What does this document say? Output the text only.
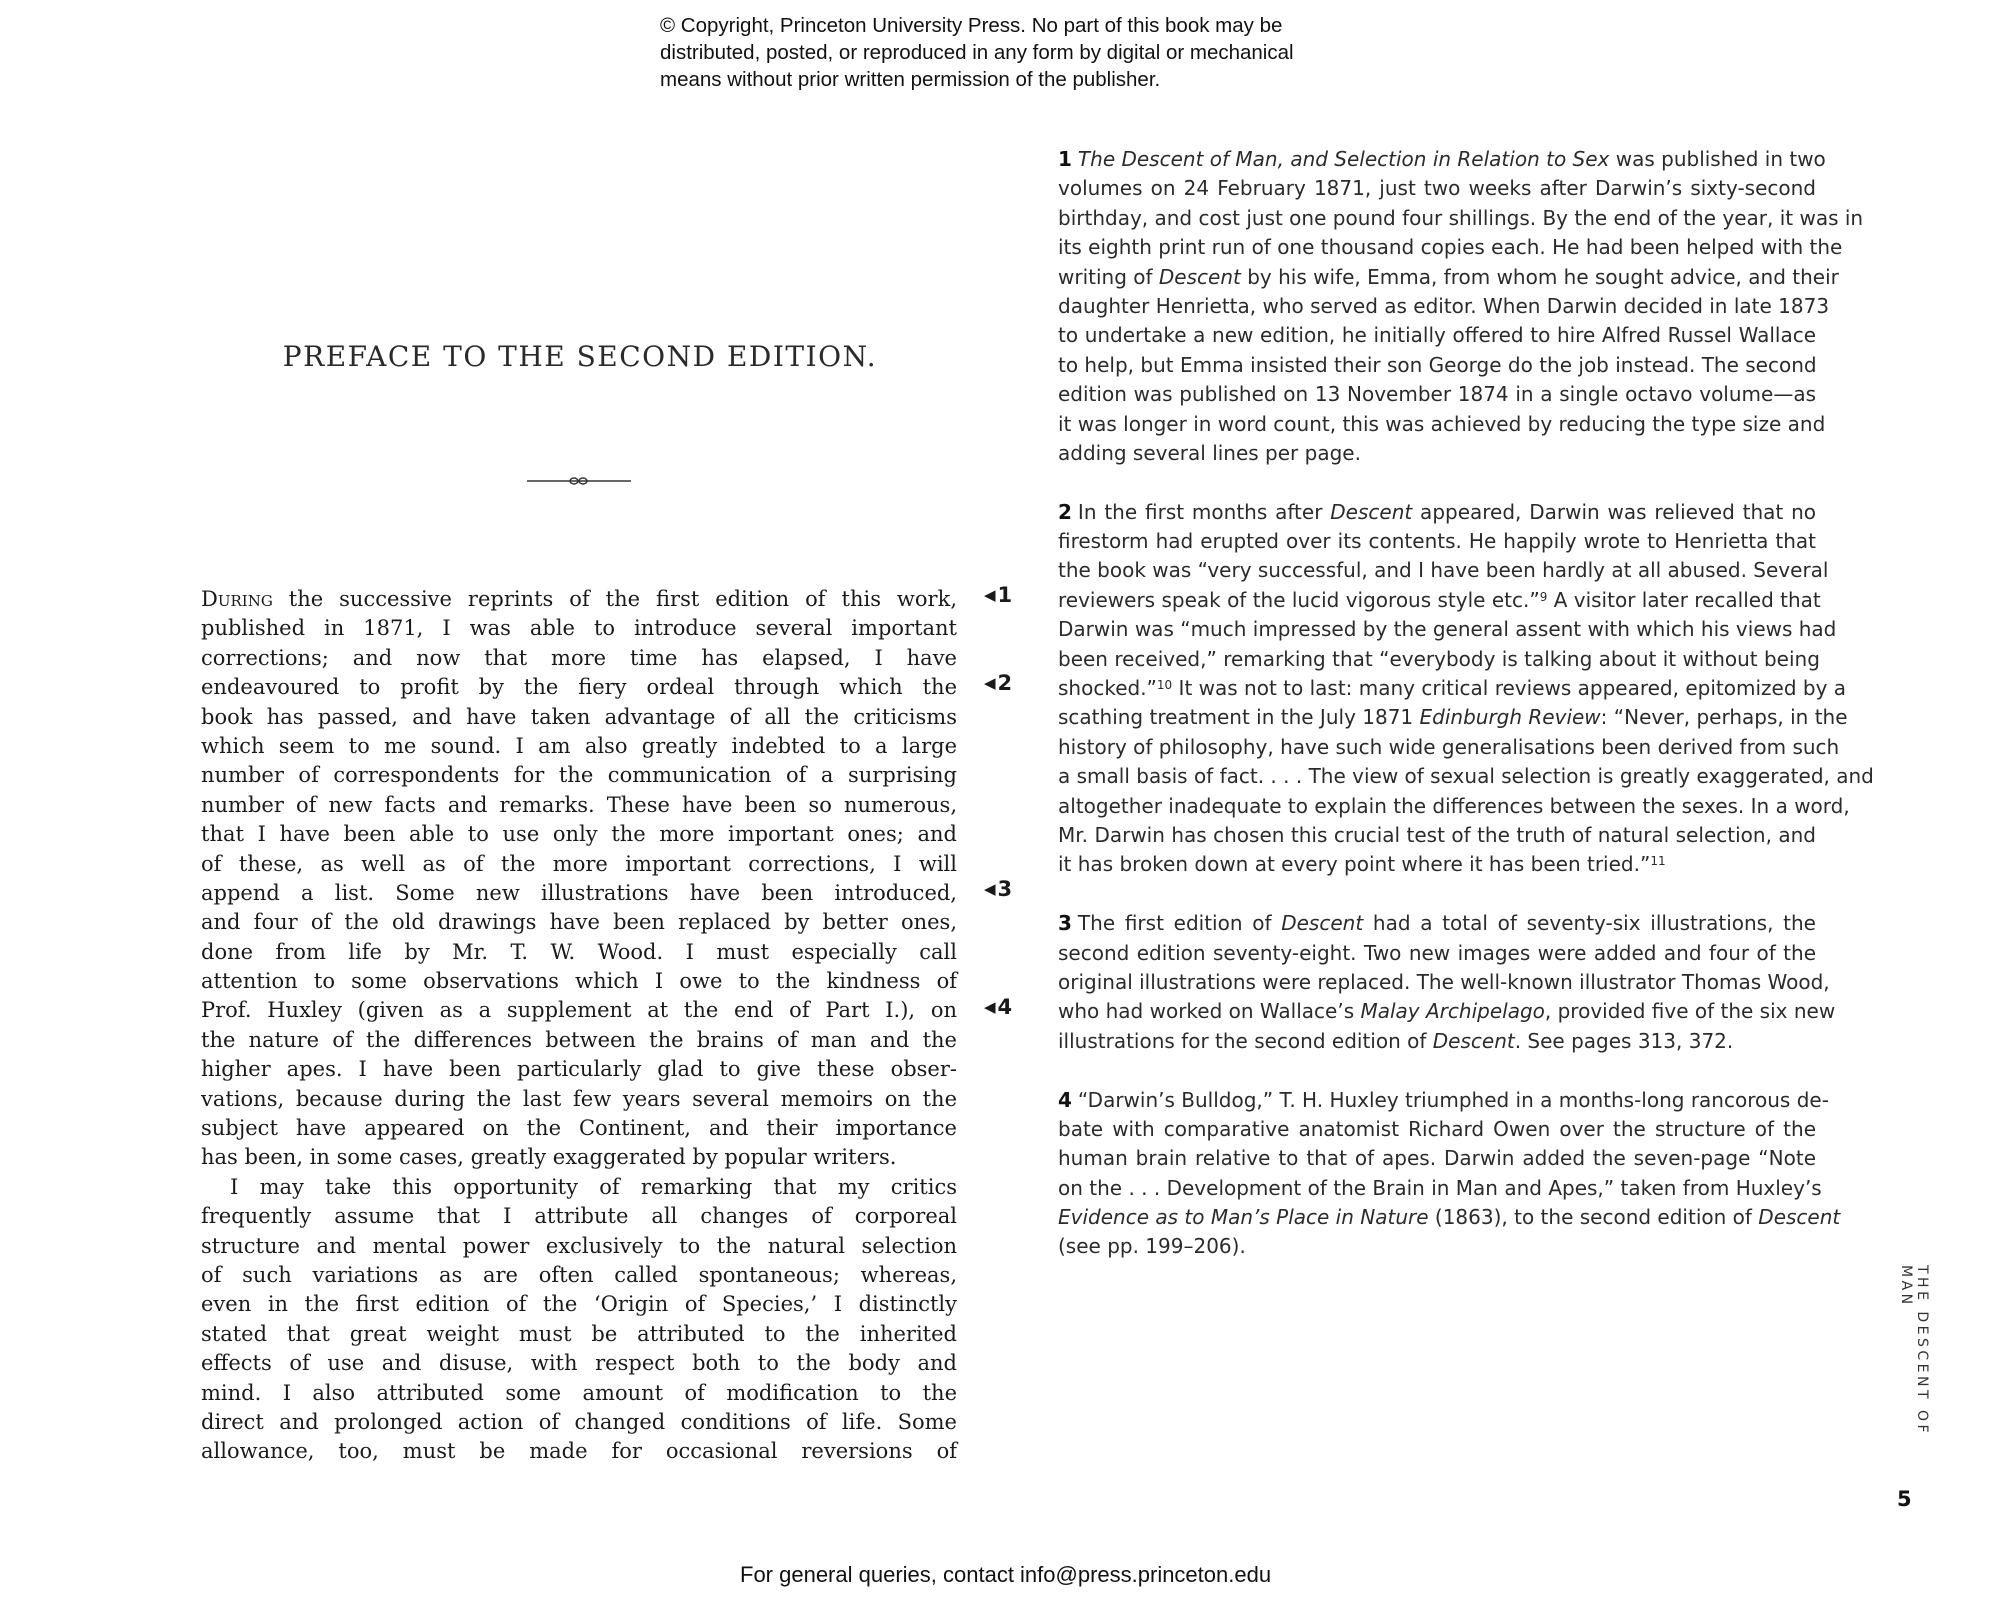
© Copyright, Princeton University Press. No part of this book may be
distributed, posted, or reproduced in any form by digital or mechanical
means without prior written permission of the publisher.
PREFACE TO THE SECOND EDITION.
During the successive reprints of the first edition of this work,
published in 1871, I was able to introduce several important
corrections; and now that more time has elapsed, I have
endeavoured to profit by the fiery ordeal through which the
book has passed, and have taken advantage of all the criticisms
which seem to me sound. I am also greatly indebted to a large
number of correspondents for the communication of a surprising
number of new facts and remarks. These have been so numerous,
that I have been able to use only the more important ones; and
of these, as well as of the more important corrections, I will
append a list. Some new illustrations have been introduced,
and four of the old drawings have been replaced by better ones,
done from life by Mr. T. W. Wood. I must especially call
attention to some observations which I owe to the kindness of
Prof. Huxley (given as a supplement at the end of Part I.), on
the nature of the differences between the brains of man and the
higher apes. I have been particularly glad to give these obser-
vations, because during the last few years several memoirs on the
subject have appeared on the Continent, and their importance
has been, in some cases, greatly exaggerated by popular writers.
I may take this opportunity of remarking that my critics
frequently assume that I attribute all changes of corporeal
structure and mental power exclusively to the natural selection
of such variations as are often called spontaneous; whereas,
even in the first edition of the ‘Origin of Species,’ I distinctly
stated that great weight must be attributed to the inherited
effects of use and disuse, with respect both to the body and
mind. I also attributed some amount of modification to the
direct and prolonged action of changed conditions of life. Some
allowance, too, must be made for occasional reversions of
◀1
◀2
◀3
◀4
1 The Descent of Man, and Selection in Relation to Sex was published in two
volumes on 24 February 1871, just two weeks after Darwin’s sixty-second
birthday, and cost just one pound four shillings. By the end of the year, it was in
its eighth print run of one thousand copies each. He had been helped with the
writing of Descent by his wife, Emma, from whom he sought advice, and their
daughter Henrietta, who served as editor. When Darwin decided in late 1873
to undertake a new edition, he initially offered to hire Alfred Russel Wallace
to help, but Emma insisted their son George do the job instead. The second
edition was published on 13 November 1874 in a single octavo volume—as
it was longer in word count, this was achieved by reducing the type size and
adding several lines per page.
2 In the first months after Descent appeared, Darwin was relieved that no
firestorm had erupted over its contents. He happily wrote to Henrietta that
the book was “very successful, and I have been hardly at all abused. Several
reviewers speak of the lucid vigorous style etc.”$^9$ A visitor later recalled that
Darwin was “much impressed by the general assent with which his views had
been received,” remarking that “everybody is talking about it without being
shocked.”$^{10}$ It was not to last: many critical reviews appeared, epitomized by a
scathing treatment in the July 1871 Edinburgh Review: “Never, perhaps, in the
history of philosophy, have such wide generalisations been derived from such
a small basis of fact. . . . The view of sexual selection is greatly exaggerated, and
altogether inadequate to explain the differences between the sexes. In a word,
Mr. Darwin has chosen this crucial test of the truth of natural selection, and
it has broken down at every point where it has been tried.”$^{11}$
3 The first edition of Descent had a total of seventy-six illustrations, the
second edition seventy-eight. Two new images were added and four of the
original illustrations were replaced. The well-known illustrator Thomas Wood,
who had worked on Wallace’s Malay Archipelago, provided five of the six new
illustrations for the second edition of Descent. See pages 313, 372.
4 “Darwin’s Bulldog,” T. H. Huxley triumphed in a months-long rancorous de-
bate with comparative anatomist Richard Owen over the structure of the
human brain relative to that of apes. Darwin added the seven-page “Note
on the . . . Development of the Brain in Man and Apes,” taken from Huxley’s
Evidence as to Man’s Place in Nature (1863), to the second edition of Descent
(see pp. 199–206).
THE DESCENT OF MAN
5
For general queries, contact info@press.princeton.edu
